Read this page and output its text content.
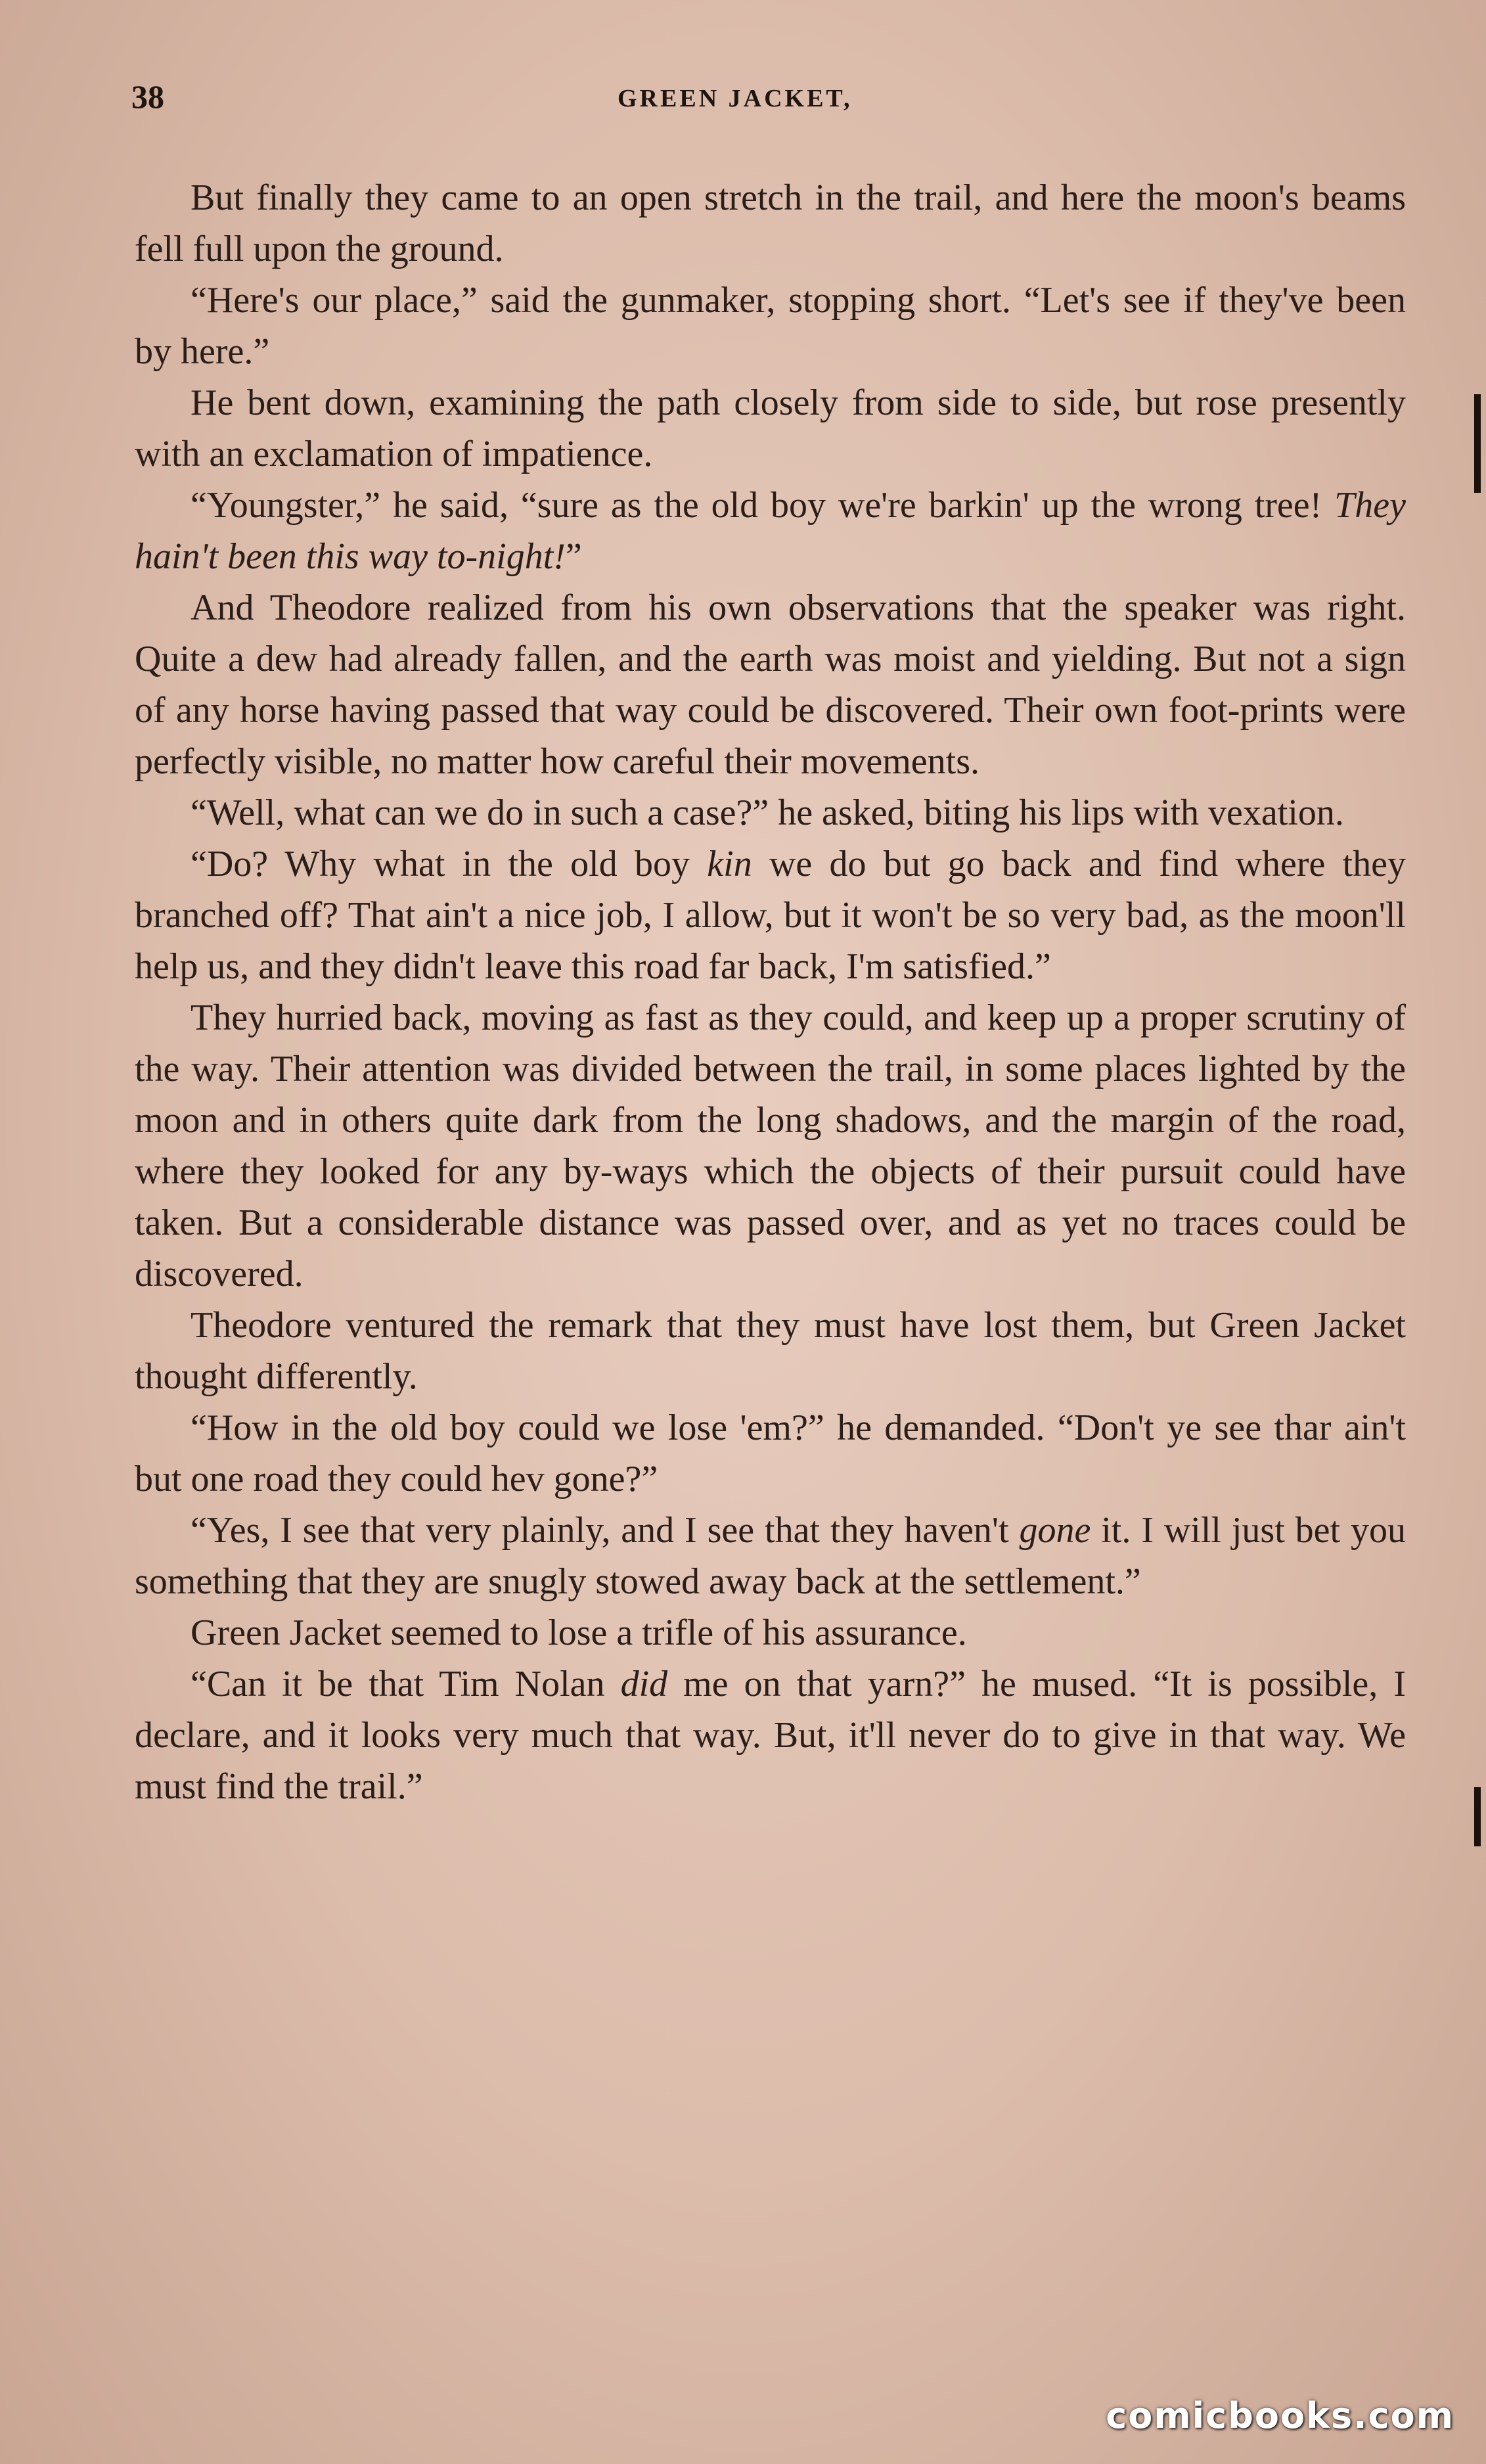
38	GREEN JACKET,

But finally they came to an open stretch in the trail, and here the moon's beams fell full upon the ground.

“Here's our place,” said the gunmaker, stopping short. “Let's see if they've been by here.”

He bent down, examining the path closely from side to side, but rose presently with an exclamation of impatience.

“Youngster,” he said, “sure as the old boy we're barkin' up the wrong tree! They hain't been this way to-night!”

And Theodore realized from his own observations that the speaker was right. Quite a dew had already fallen, and the earth was moist and yielding. But not a sign of any horse having passed that way could be discovered. Their own foot-prints were perfectly visible, no matter how careful their movements.

“Well, what can we do in such a case?” he asked, biting his lips with vexation.

“Do? Why what in the old boy kin we do but go back and find where they branched off? That ain't a nice job, I allow, but it won't be so very bad, as the moon'll help us, and they didn't leave this road far back, I'm satisfied.”

They hurried back, moving as fast as they could, and keep up a proper scrutiny of the way. Their attention was divided between the trail, in some places lighted by the moon and in others quite dark from the long shadows, and the margin of the road, where they looked for any by-ways which the objects of their pursuit could have taken. But a considerable distance was passed over, and as yet no traces could be discovered.

Theodore ventured the remark that they must have lost them, but Green Jacket thought differently.

“How in the old boy could we lose 'em?” he demanded. “Don't ye see thar ain't but one road they could hev gone?”

“Yes, I see that very plainly, and I see that they haven't gone it. I will just bet you something that they are snugly stowed away back at the settlement.”

Green Jacket seemed to lose a trifle of his assurance.

“Can it be that Tim Nolan did me on that yarn?” he mused. “It is possible, I declare, and it looks very much that way. But, it'll never do to give in that way. We must find the trail.”

comicbooks.com
